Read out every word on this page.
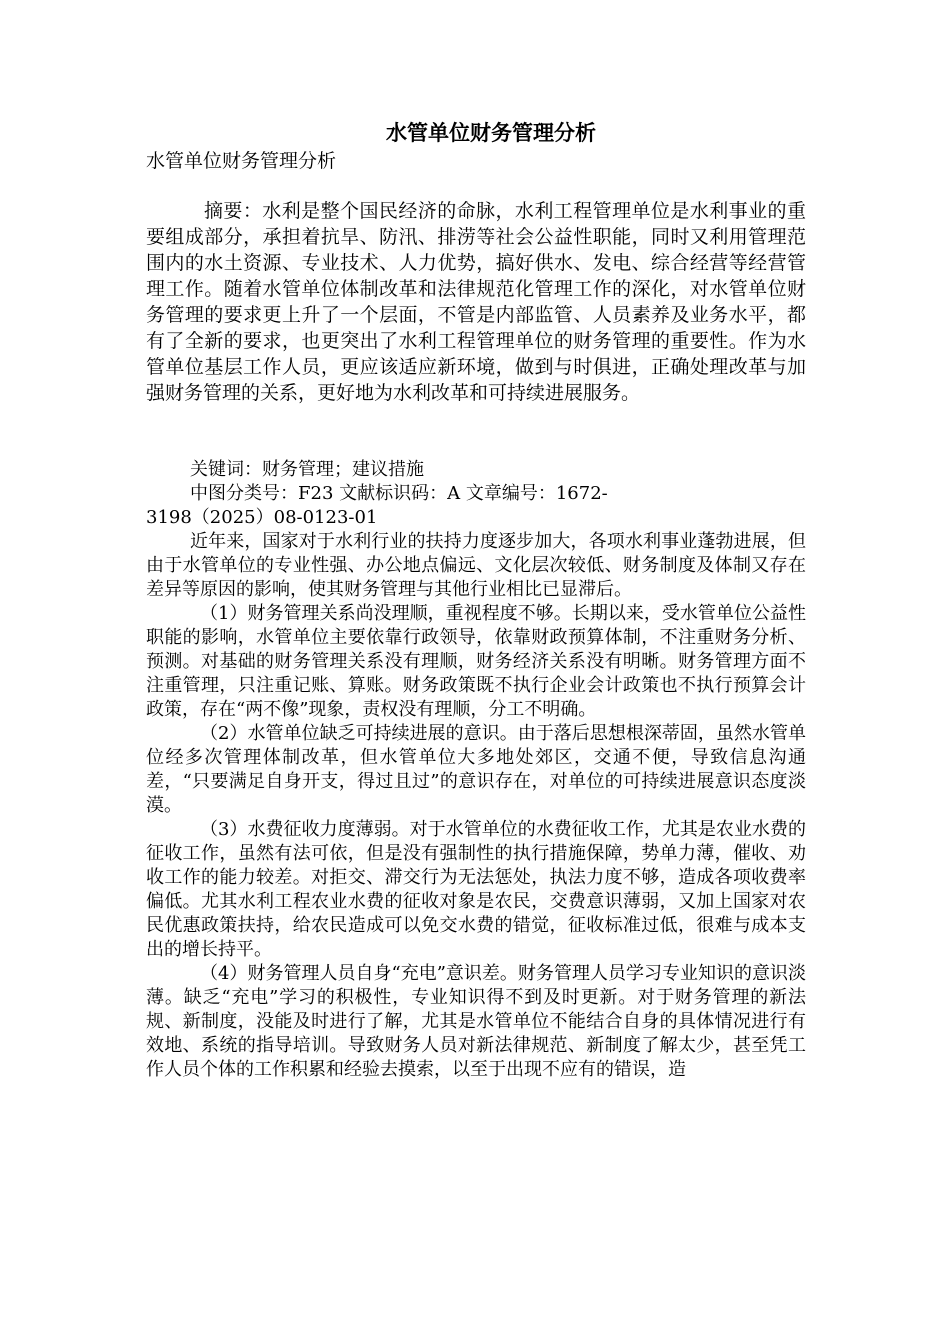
水管单位财务管理分析

水管单位财务管理分析

摘要：水利是整个国民经济的命脉，水利工程管理单位是水利事业的重要组成部分，承担着抗旱、防汛、排涝等社会公益性职能，同时又利用管理范围内的水土资源、专业技术、人力优势，搞好供水、发电、综合经营等经营管理工作。随着水管单位体制改革和法律规范化管理工作的深化，对水管单位财务管理的要求更上升了一个层面，不管是内部监管、人员素养及业务水平，都有了全新的要求，也更突出了水利工程管理单位的财务管理的重要性。作为水管单位基层工作人员，更应该适应新环境，做到与时俱进，正确处理改革与加强财务管理的关系，更好地为水利改革和可持续进展服务。

关键词：财务管理；建议措施

中图分类号：F23 文献标识码：A 文章编号：1672-

3198（2025）08-0123-01

近年来，国家对于水利行业的扶持力度逐步加大，各项水利事业蓬勃进展，但由于水管单位的专业性强、办公地点偏远、文化层次较低、财务制度及体制又存在差异等原因的影响，使其财务管理与其他行业相比已显滞后。

（1）财务管理关系尚没理顺，重视程度不够。长期以来，受水管单位公益性职能的影响，水管单位主要依靠行政领导，依靠财政预算体制，不注重财务分析、预测。对基础的财务管理关系没有理顺，财务经济关系没有明晰。财务管理方面不注重管理，只注重记账、算账。财务政策既不执行企业会计政策也不执行预算会计政策，存在“两不像”现象，责权没有理顺，分工不明确。

（2）水管单位缺乏可持续进展的意识。由于落后思想根深蒂固，虽然水管单位经多次管理体制改革，但水管单位大多地处郊区，交通不便，导致信息沟通差，“只要满足自身开支，得过且过”的意识存在，对单位的可持续进展意识态度淡漠。

（3）水费征收力度薄弱。对于水管单位的水费征收工作，尤其是农业水费的征收工作，虽然有法可依，但是没有强制性的执行措施保障，势单力薄，催收、劝收工作的能力较差。对拒交、滞交行为无法惩处，执法力度不够，造成各项收费率偏低。尤其水利工程农业水费的征收对象是农民，交费意识薄弱，又加上国家对农民优惠政策扶持，给农民造成可以免交水费的错觉，征收标准过低，很难与成本支出的增长持平。

（4）财务管理人员自身“充电”意识差。财务管理人员学习专业知识的意识淡薄。缺乏“充电”学习的积极性，专业知识得不到及时更新。对于财务管理的新法规、新制度，没能及时进行了解，尤其是水管单位不能结合自身的具体情况进行有效地、系统的指导培训。导致财务人员对新法律规范、新制度了解太少，甚至凭工作人员个体的工作积累和经验去摸索，以至于出现不应有的错误，造
